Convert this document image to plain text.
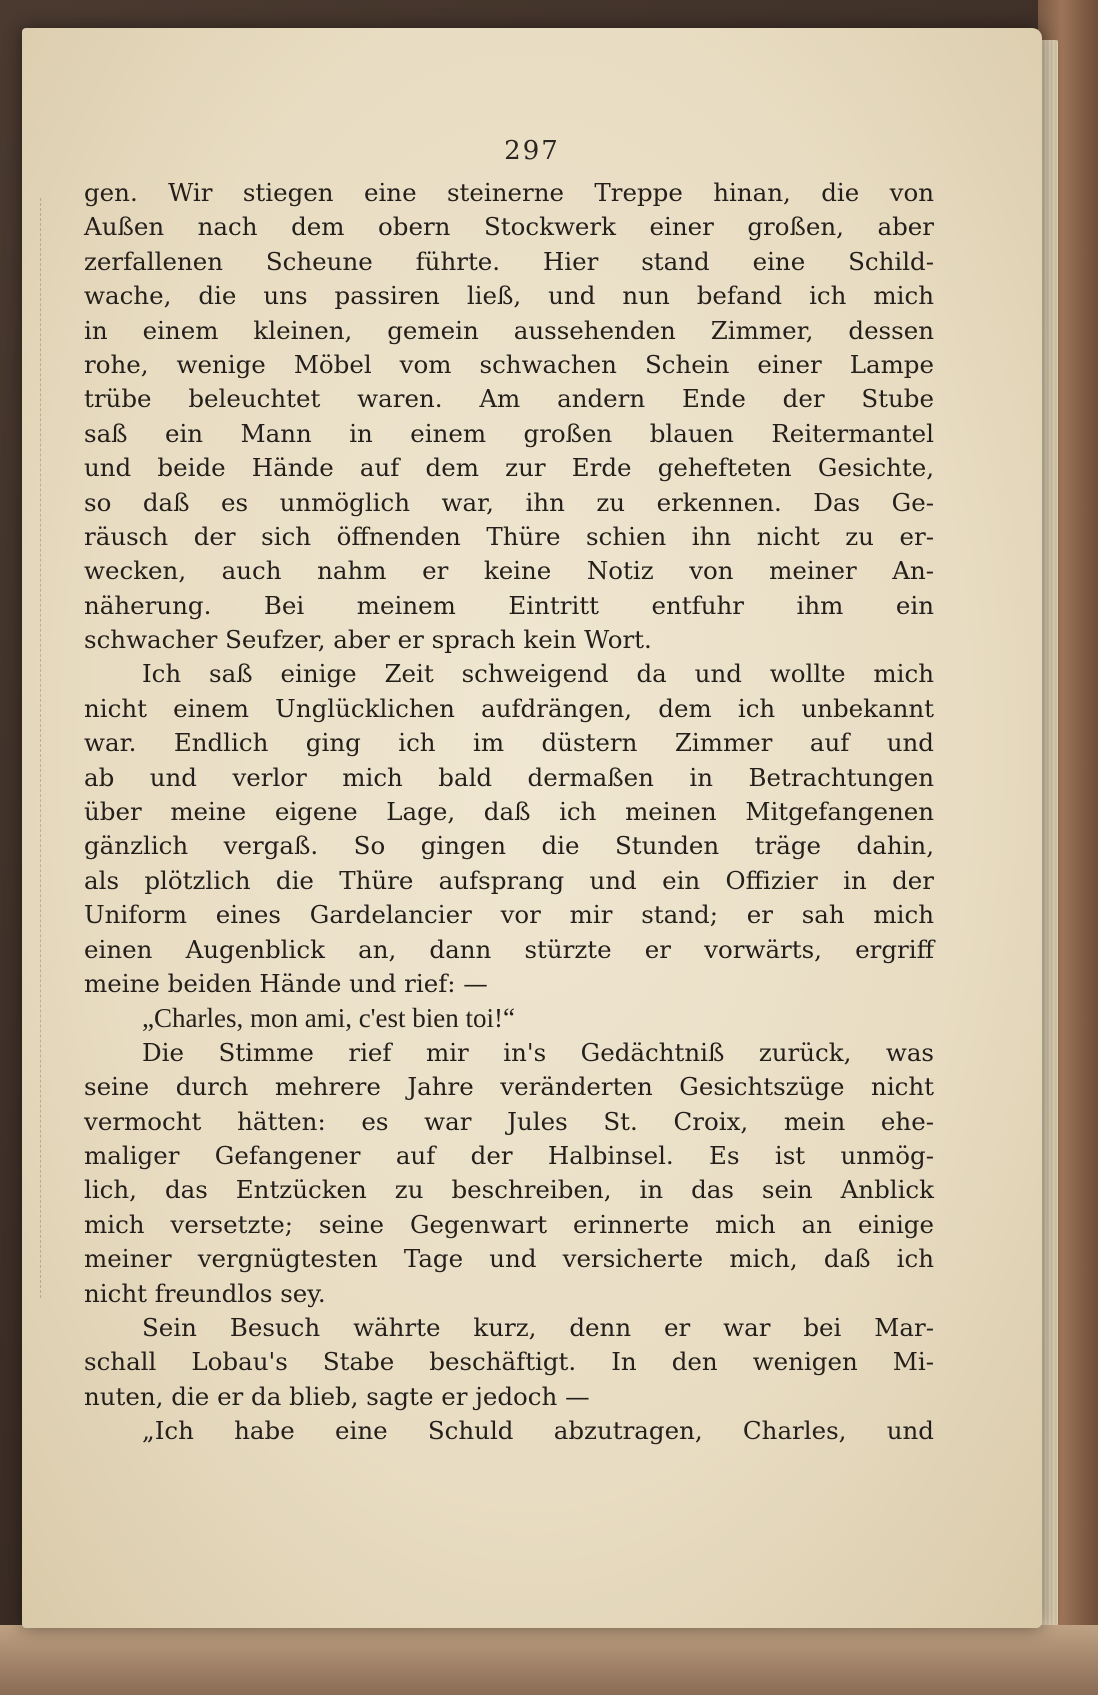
297
gen. Wir stiegen eine steinerne Treppe hinan, die von
Außen nach dem obern Stockwerk einer großen, aber
zerfallenen Scheune führte. Hier stand eine Schild-
wache, die uns passiren ließ, und nun befand ich mich
in einem kleinen, gemein aussehenden Zimmer, dessen
rohe, wenige Möbel vom schwachen Schein einer Lampe
trübe beleuchtet waren. Am andern Ende der Stube
saß ein Mann in einem großen blauen Reitermantel
und beide Hände auf dem zur Erde gehefteten Gesichte,
so daß es unmöglich war, ihn zu erkennen. Das Ge-
räusch der sich öffnenden Thüre schien ihn nicht zu er-
wecken, auch nahm er keine Notiz von meiner An-
näherung. Bei meinem Eintritt entfuhr ihm ein
schwacher Seufzer, aber er sprach kein Wort.
Ich saß einige Zeit schweigend da und wollte mich
nicht einem Unglücklichen aufdrängen, dem ich unbekannt
war. Endlich ging ich im düstern Zimmer auf und
ab und verlor mich bald dermaßen in Betrachtungen
über meine eigene Lage, daß ich meinen Mitgefangenen
gänzlich vergaß. So gingen die Stunden träge dahin,
als plötzlich die Thüre aufsprang und ein Offizier in der
Uniform eines Gardelancier vor mir stand; er sah mich
einen Augenblick an, dann stürzte er vorwärts, ergriff
meine beiden Hände und rief: —
„Charles, mon ami, c'est bien toi!“
Die Stimme rief mir in's Gedächtniß zurück, was
seine durch mehrere Jahre veränderten Gesichtszüge nicht
vermocht hätten: es war Jules St. Croix, mein ehe-
maliger Gefangener auf der Halbinsel. Es ist unmög-
lich, das Entzücken zu beschreiben, in das sein Anblick
mich versetzte; seine Gegenwart erinnerte mich an einige
meiner vergnügtesten Tage und versicherte mich, daß ich
nicht freundlos sey.
Sein Besuch währte kurz, denn er war bei Mar-
schall Lobau's Stabe beschäftigt. In den wenigen Mi-
nuten, die er da blieb, sagte er jedoch —
„Ich habe eine Schuld abzutragen, Charles, und
